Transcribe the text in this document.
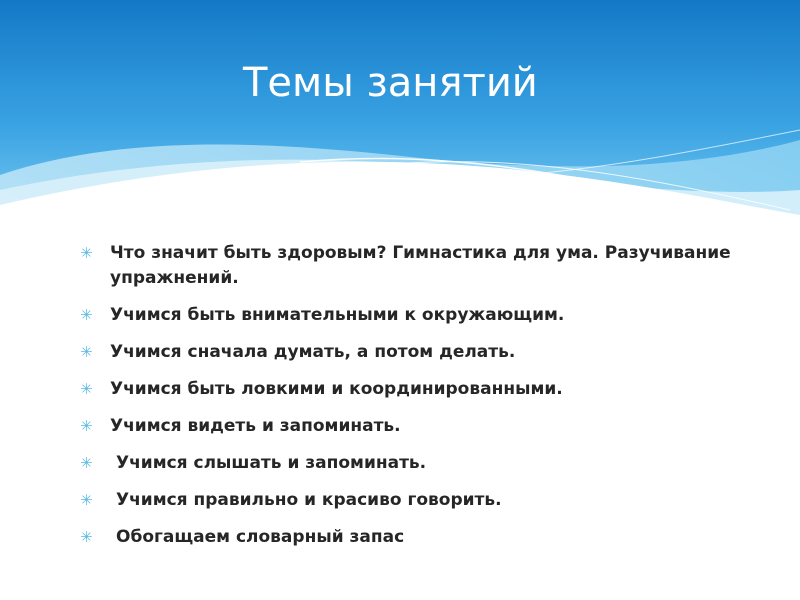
Темы занятий
✳ Что значит быть здоровым? Гимнастика для ума. Разучивание упражнений.
✳ Учимся быть внимательными к окружающим.
✳ Учимся сначала думать, а потом делать.
✳ Учимся быть ловкими и координированными.
✳ Учимся видеть и запоминать.
✳ Учимся слышать и запоминать.
✳ Учимся правильно и красиво говорить.
✳ Обогащаем словарный запас
